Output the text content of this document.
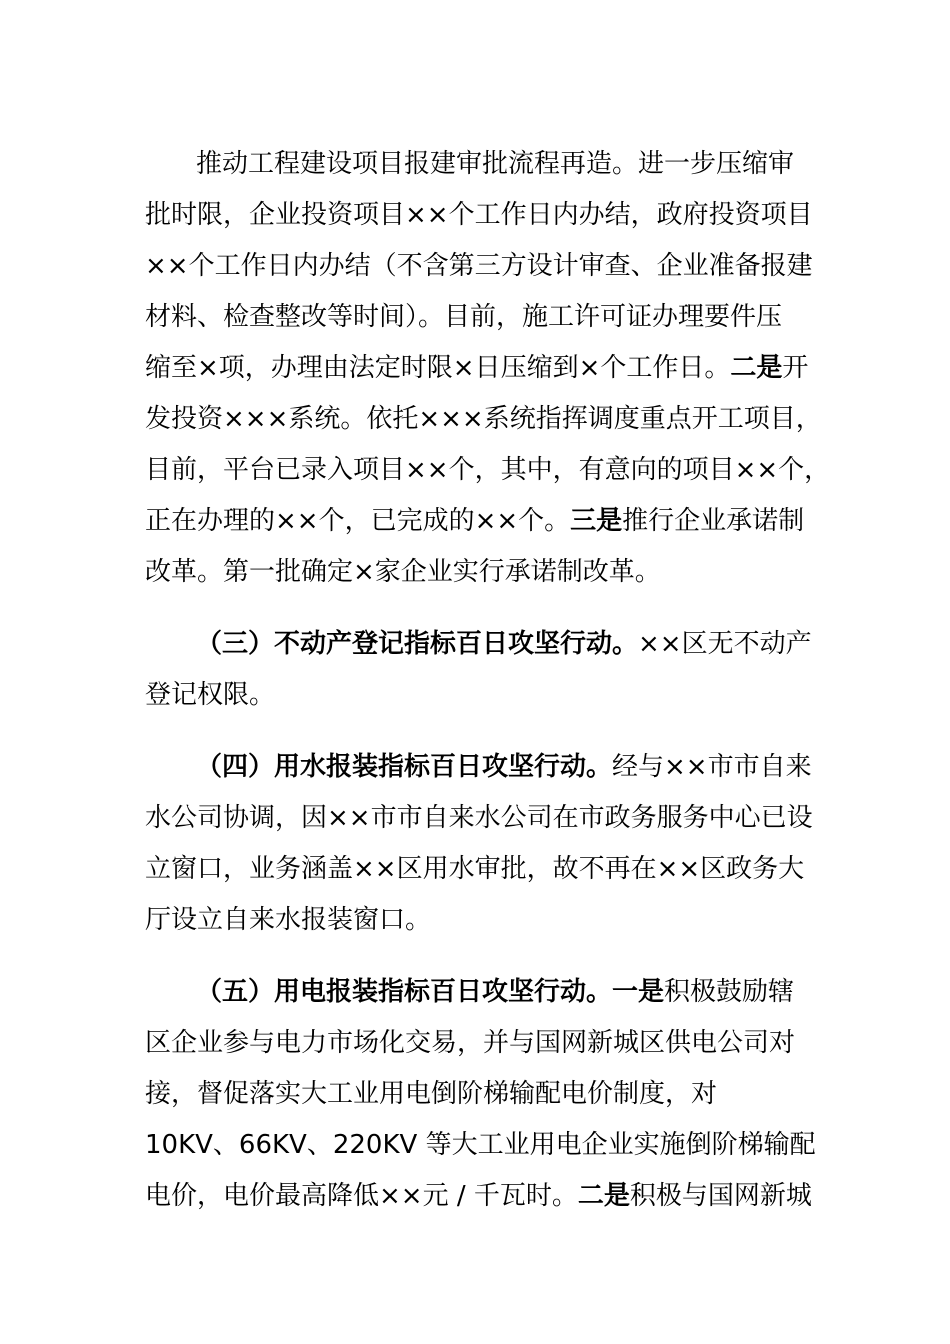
推动工程建设项目报建审批流程再造。进一步压缩审
批时限，企业投资项目××个工作日内办结，政府投资项目
××个工作日内办结（不含第三方设计审查、企业准备报建
材料、检查整改等时间）。目前，施工许可证办理要件压
缩至×项，办理由法定时限×日压缩到×个工作日。二是开
发投资×××系统。依托×××系统指挥调度重点开工项目，
目前，平台已录入项目××个，其中，有意向的项目××个，
正在办理的××个，已完成的××个。三是推行企业承诺制
改革。第一批确定×家企业实行承诺制改革。
（三）不动产登记指标百日攻坚行动。××区无不动产
登记权限。
（四）用水报装指标百日攻坚行动。经与××市市自来
水公司协调，因××市市自来水公司在市政务服务中心已设
立窗口，业务涵盖××区用水审批，故不再在××区政务大
厅设立自来水报装窗口。
（五）用电报装指标百日攻坚行动。一是积极鼓励辖
区企业参与电力市场化交易，并与国网新城区供电公司对
接，督促落实大工业用电倒阶梯输配电价制度，对
10KV、66KV、220KV 等大工业用电企业实施倒阶梯输配
电价，电价最高降低××元 / 千瓦时。二是积极与国网新城
